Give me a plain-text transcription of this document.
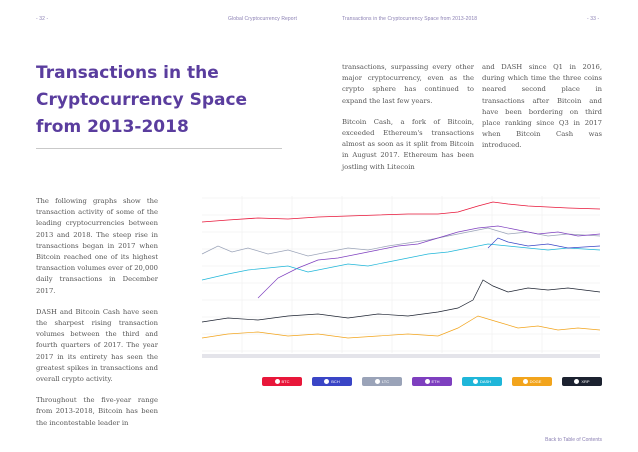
- 32 -	Global Cryptocurrency Report	Transactions in the Cryptocurrency Space from 2013-2018	- 33 -
Transactions in the
Cryptocurrency Space
from 2013-2018

The following graphs show the transaction activity of some of the leading cryptocurrencies between 2013 and 2018. The steep rise in transactions began in 2017 when Bitcoin reached one of its highest transaction volumes ever of 20,000 daily transactions in December 2017.

DASH and Bitcoin Cash have seen the sharpest rising transaction volumes between the third and fourth quarters of 2017. The year 2017 in its entirety has seen the greatest spikes in transactions and overall crypto activity.

Throughout the five-year range from 2013-2018, Bitcoin has been the incontestable leader in

transactions, surpassing every other major cryptocurrency, even as the crypto sphere has continued to expand the last few years.

Bitcoin Cash, a fork of Bitcoin, exceeded Ethereum's transactions almost as soon as it split from Bitcoin in August 2017. Ethereum has been jostling with Litecoin

and DASH since Q1 in 2016, during which time the three coins neared second place in transactions after Bitcoin and have been bordering on third place ranking since Q3 in 2017 when Bitcoin Cash was introduced.

BTC	BCH	LTC	ETH	DASH	DOGE	XRP
Back to Table of Contents
